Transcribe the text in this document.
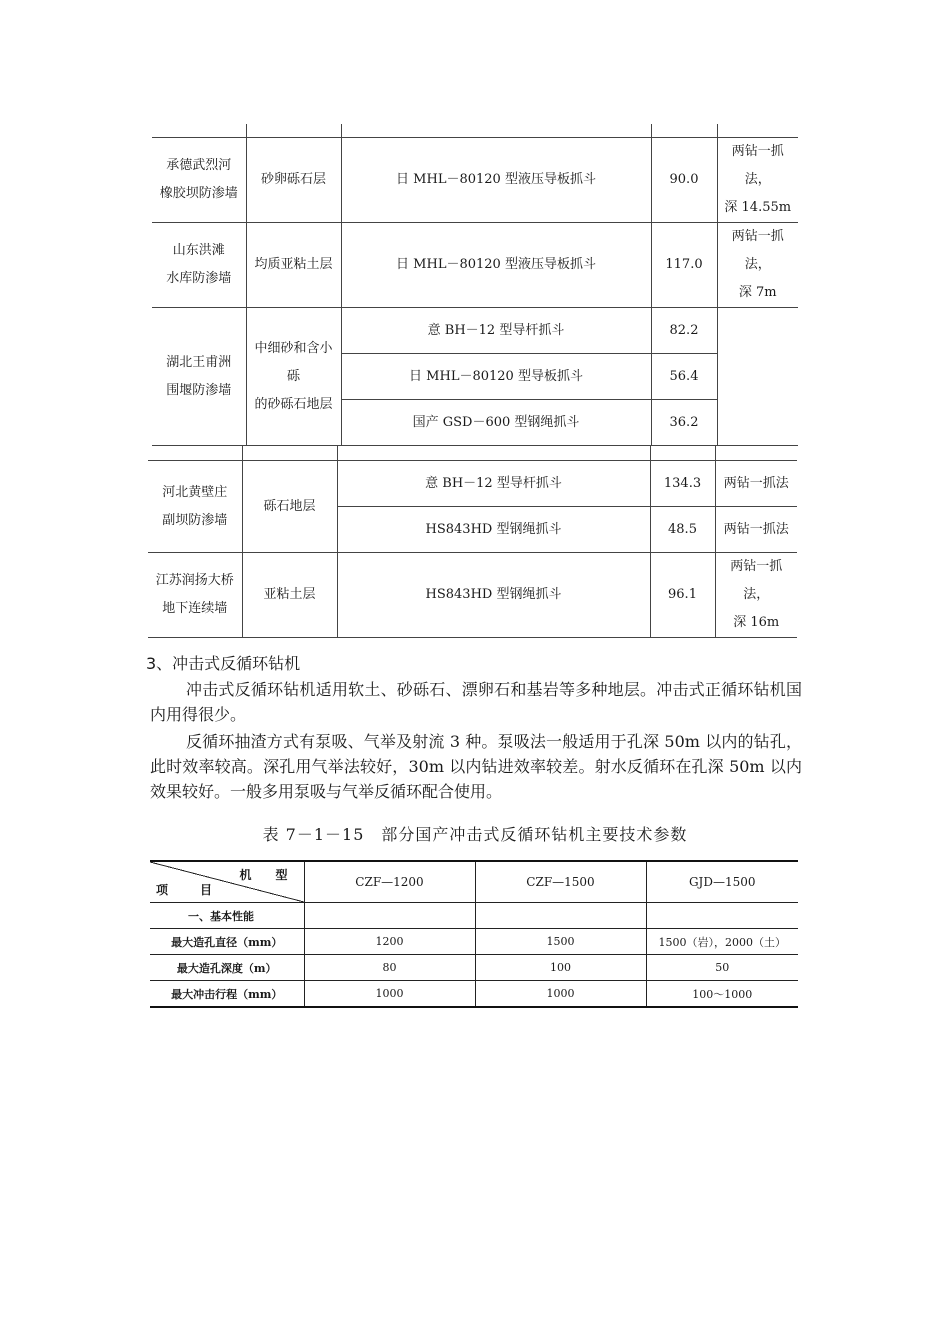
承德武烈河
橡胶坝防渗墙	砂卵砾石层	日 MHL－80120 型液压导板抓斗	90.0	两钻一抓法，
深 14.55m
山东洪滩
水库防渗墙	均质亚粘土层	日 MHL－80120 型液压导板抓斗	117.0	两钻一抓法，
深 7m
湖北王甫洲
围堰防渗墙	中细砂和含小砾
的砂砾石地层	意 BH－12 型导杆抓斗	82.2	
		日 MHL－80120 型导板抓斗	56.4	
		国产 GSD－600 型钢绳抓斗	36.2	
河北黄壁庄
副坝防渗墙	砾石地层	意 BH－12 型导杆抓斗	134.3	两钻一抓法
		HS843HD 型钢绳抓斗	48.5	两钻一抓法
江苏润扬大桥
地下连续墙	亚粘土层	HS843HD 型钢绳抓斗	96.1	两钻一抓法，
深 16m
3、冲击式反循环钻机
冲击式反循环钻机适用软土、砂砾石、漂卵石和基岩等多种地层。冲击式正循环钻机国内用得很少。
反循环抽渣方式有泵吸、气举及射流 3 种。泵吸法一般适用于孔深 50m 以内的钻孔，此时效率较高。深孔用气举法较好，30m 以内钻进效率较差。射水反循环在孔深 50m 以内效果较好。一般多用泵吸与气举反循环配合使用。
表 7－1－15　部分国产冲击式反循环钻机主要技术参数
机　型
项　目	CZF—1200	CZF—1500	GJD—1500
一、基本性能			
最大造孔直径（mm）	1200	1500	1500（岩），2000（土）
最大造孔深度（m）	80	100	50
最大冲击行程（mm）	1000	1000	100～1000
